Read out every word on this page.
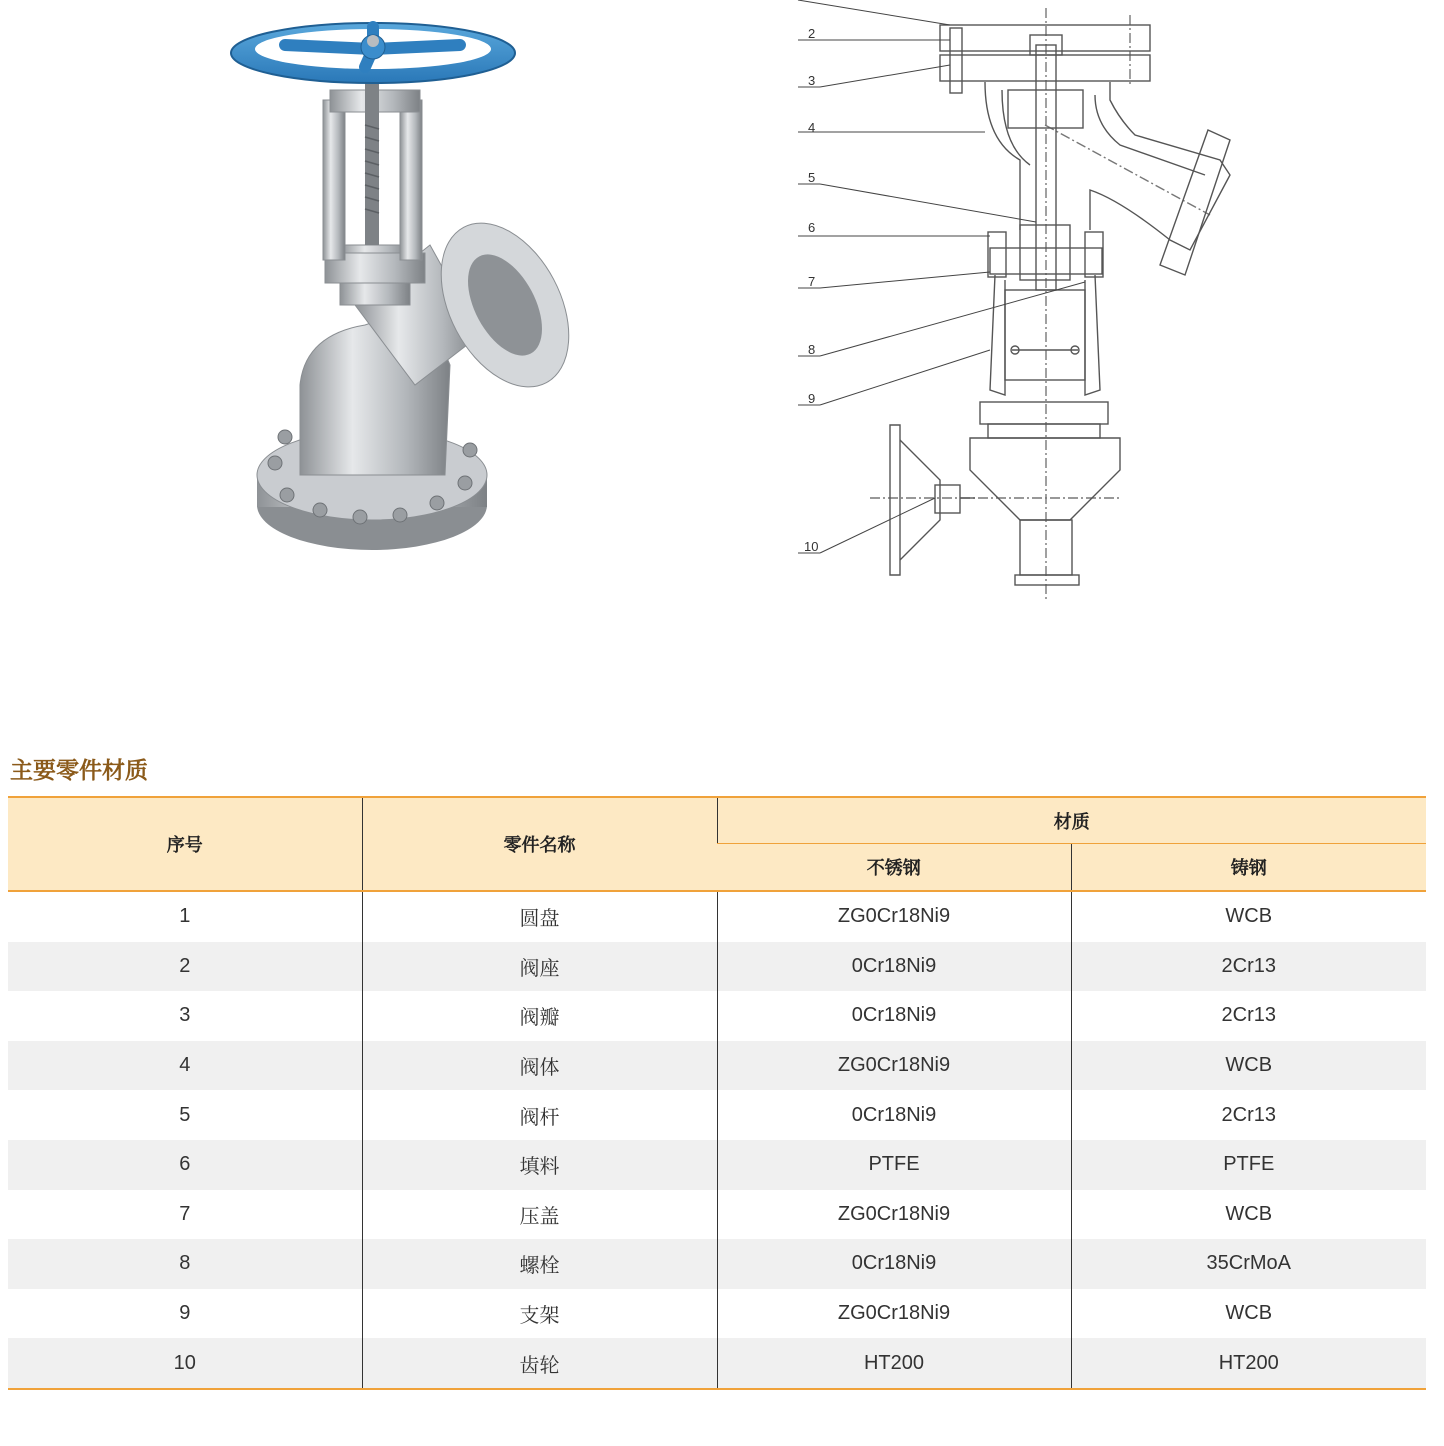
2
3
4
5
6
7
8
9
10
主要零件材质
序号	零件名称	材质	
		不锈钢	铸钢
1	圆盘	ZG0Cr18Ni9	WCB
2	阀座	0Cr18Ni9	2Cr13
3	阀瓣	0Cr18Ni9	2Cr13
4	阀体	ZG0Cr18Ni9	WCB
5	阀杆	0Cr18Ni9	2Cr13
6	填料	PTFE	PTFE
7	压盖	ZG0Cr18Ni9	WCB
8	螺栓	0Cr18Ni9	35CrMoA
9	支架	ZG0Cr18Ni9	WCB
10	齿轮	HT200	HT200
